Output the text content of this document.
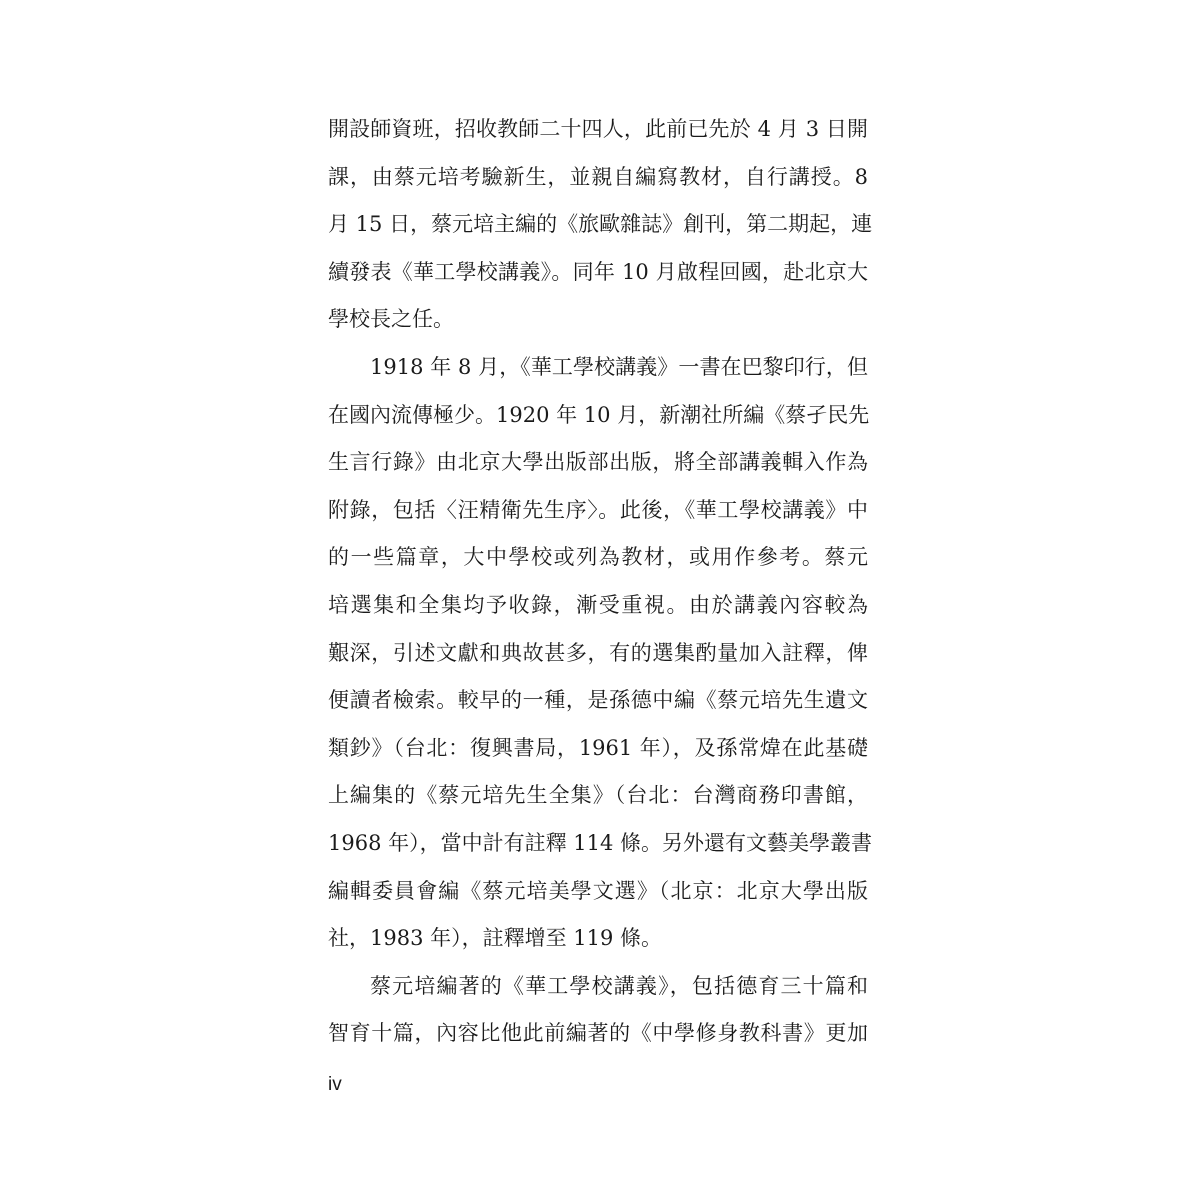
開設師資班，招收教師二十四人，此前已先於 4 月 3 日開
課，由蔡元培考驗新生，並親自編寫教材，自行講授。8
月 15 日，蔡元培主編的《旅歐雜誌》創刊，第二期起，連
續發表《華工學校講義》。同年 10 月啟程回國，赴北京大
學校長之任。
1918 年 8 月，《華工學校講義》一書在巴黎印行，但
在國內流傳極少。1920 年 10 月，新潮社所編《蔡孑民先
生言行錄》由北京大學出版部出版，將全部講義輯入作為
附錄，包括〈汪精衛先生序〉。此後，《華工學校講義》中
的一些篇章，大中學校或列為教材，或用作參考。蔡元
培選集和全集均予收錄，漸受重視。由於講義內容較為
艱深，引述文獻和典故甚多，有的選集酌量加入註釋，俾
便讀者檢索。較早的一種，是孫德中編《蔡元培先生遺文
類鈔》（台北：復興書局，1961 年），及孫常煒在此基礎
上編集的《蔡元培先生全集》（台北：台灣商務印書館，
1968 年），當中計有註釋 114 條。另外還有文藝美學叢書
編輯委員會編《蔡元培美學文選》（北京：北京大學出版
社，1983 年），註釋增至 119 條。
蔡元培編著的《華工學校講義》，包括德育三十篇和
智育十篇，內容比他此前編著的《中學修身教科書》更加
iv
